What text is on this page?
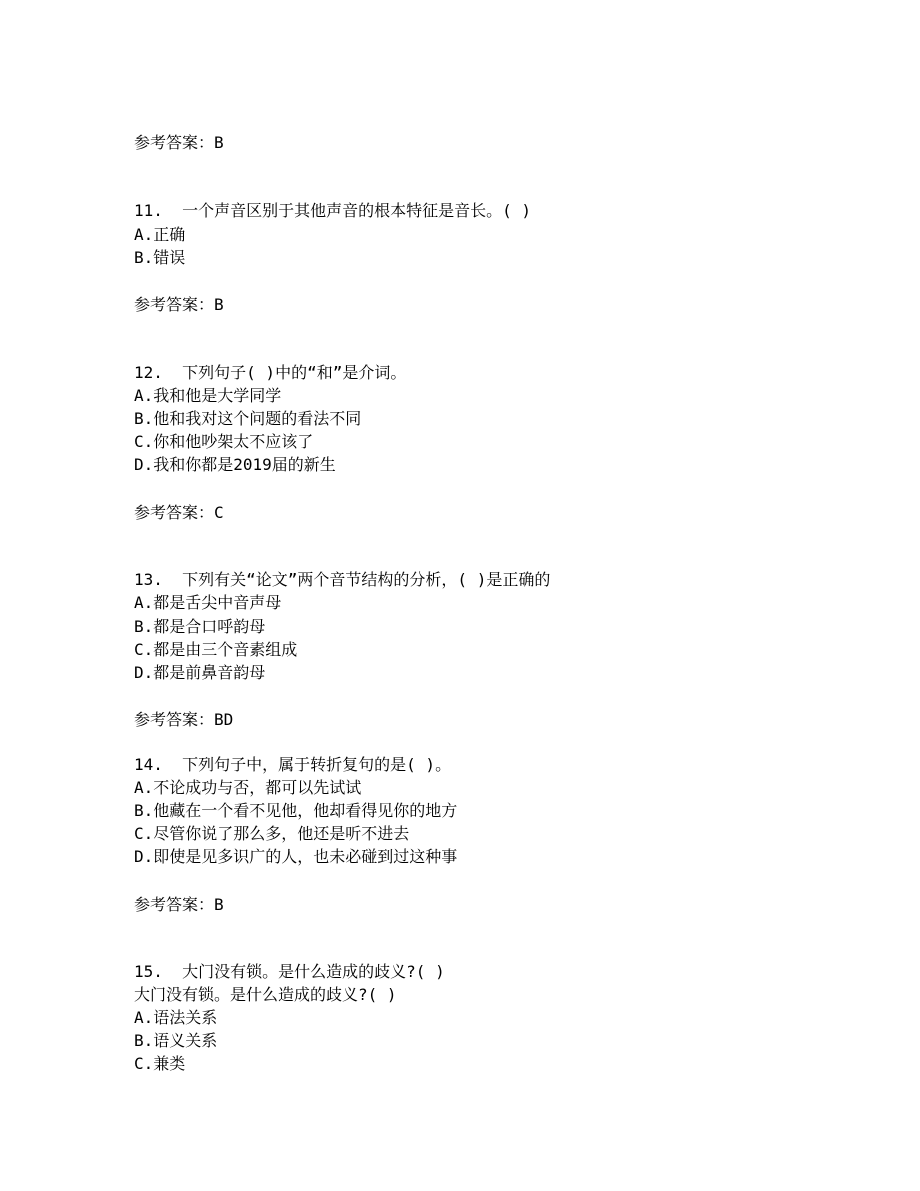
参考答案：B
11.  一个声音区别于其他声音的根本特征是音长。( )
A.正确
B.错误
参考答案：B
12.  下列句子( )中的“和”是介词。
A.我和他是大学同学
B.他和我对这个问题的看法不同
C.你和他吵架太不应该了
D.我和你都是2019届的新生
参考答案：C
13.  下列有关“论文”两个音节结构的分析，( )是正确的
A.都是舌尖中音声母
B.都是合口呼韵母
C.都是由三个音素组成
D.都是前鼻音韵母
参考答案：BD
14.  下列句子中，属于转折复句的是( )。
A.不论成功与否，都可以先试试
B.他藏在一个看不见他，他却看得见你的地方
C.尽管你说了那么多，他还是听不进去
D.即使是见多识广的人，也未必碰到过这种事
参考答案：B
15.  大门没有锁。是什么造成的歧义?( )
大门没有锁。是什么造成的歧义?( )
A.语法关系
B.语义关系
C.兼类
